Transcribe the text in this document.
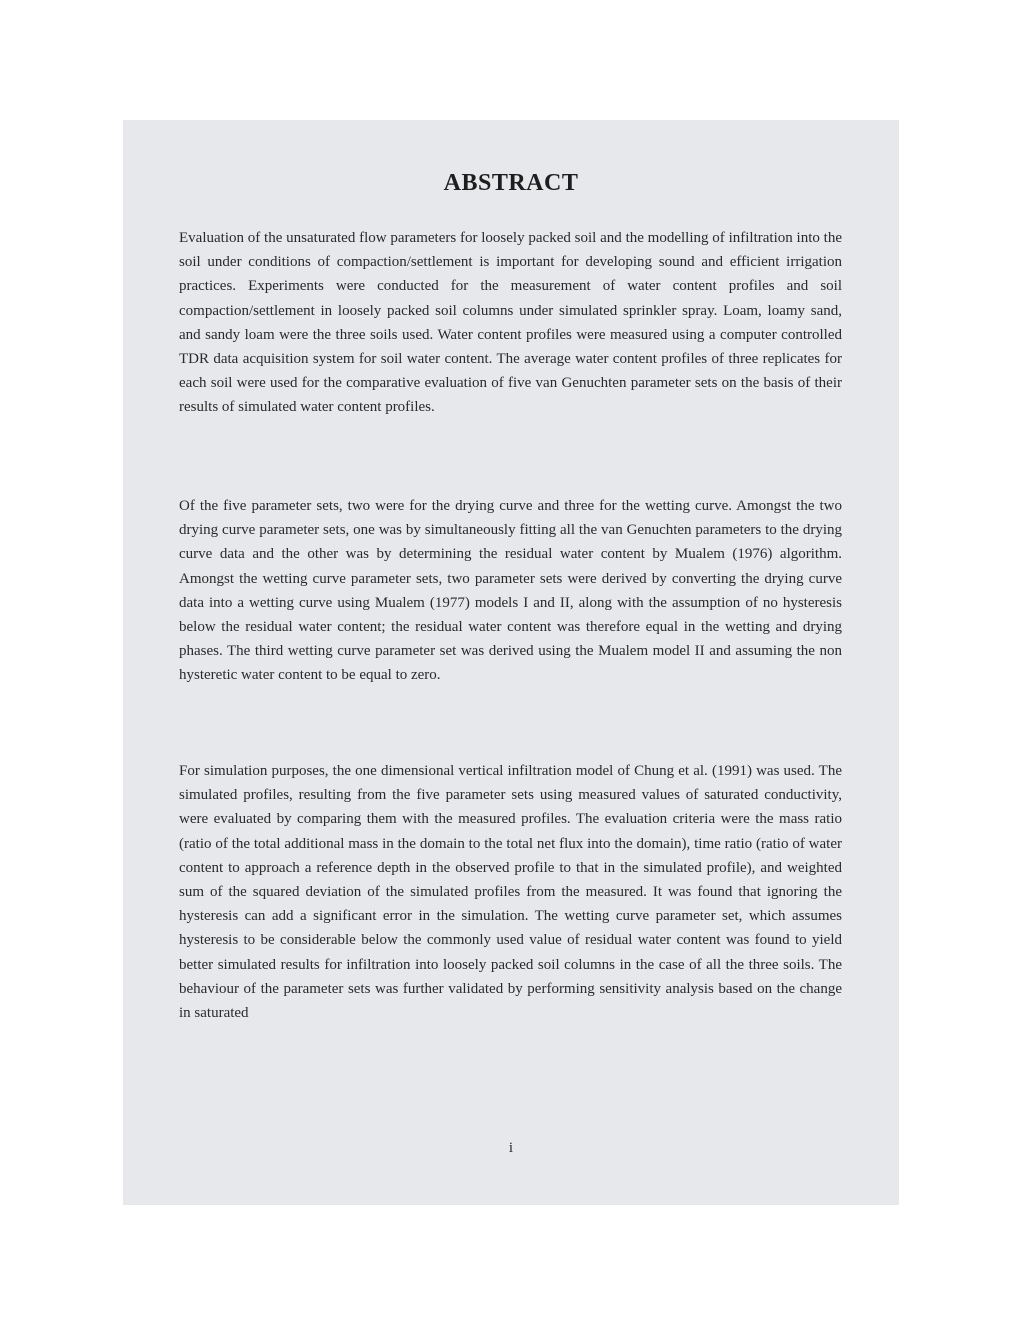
ABSTRACT

Evaluation of the unsaturated flow parameters for loosely packed soil and the modelling of infiltration into the soil under conditions of compaction/settlement is important for developing sound and efficient irrigation practices. Experiments were conducted for the measurement of water content profiles and soil compaction/settlement in loosely packed soil columns under simulated sprinkler spray. Loam, loamy sand, and sandy loam were the three soils used. Water content profiles were measured using a computer controlled TDR data acquisition system for soil water content. The average water content profiles of three replicates for each soil were used for the comparative evaluation of five van Genuchten parameter sets on the basis of their results of simulated water content profiles.

Of the five parameter sets, two were for the drying curve and three for the wetting curve. Amongst the two drying curve parameter sets, one was by simultaneously fitting all the van Genuchten parameters to the drying curve data and the other was by determining the residual water content by Mualem (1976) algorithm. Amongst the wetting curve parameter sets, two parameter sets were derived by converting the drying curve data into a wetting curve using Mualem (1977) models I and II, along with the assumption of no hysteresis below the residual water content; the residual water content was therefore equal in the wetting and drying phases. The third wetting curve parameter set was derived using the Mualem model II and assuming the non hysteretic water content to be equal to zero.

For simulation purposes, the one dimensional vertical infiltration model of Chung et al. (1991) was used. The simulated profiles, resulting from the five parameter sets using measured values of saturated conductivity, were evaluated by comparing them with the measured profiles. The evaluation criteria were the mass ratio (ratio of the total additional mass in the domain to the total net flux into the domain), time ratio (ratio of water content to approach a reference depth in the observed profile to that in the simulated profile), and weighted sum of the squared deviation of the simulated profiles from the measured. It was found that ignoring the hysteresis can add a significant error in the simulation. The wetting curve parameter set, which assumes hysteresis to be considerable below the commonly used value of residual water content was found to yield better simulated results for infiltration into loosely packed soil columns in the case of all the three soils. The behaviour of the parameter sets was further validated by performing sensitivity analysis based on the change in saturated

i
